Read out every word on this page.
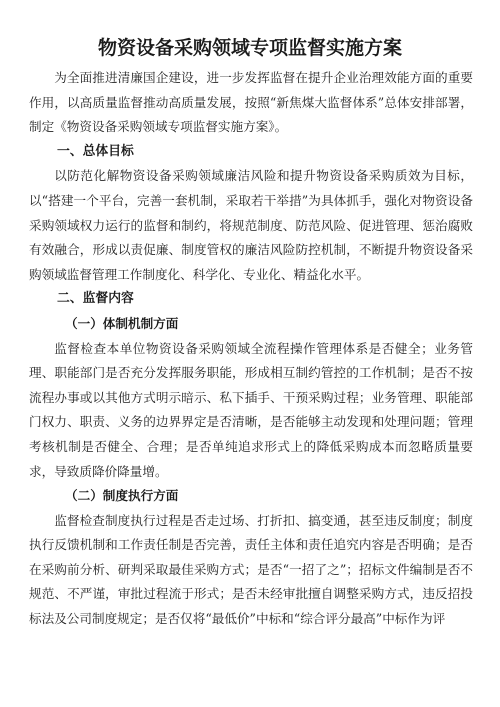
物资设备采购领域专项监督实施方案

为全面推进清廉国企建设，进一步发挥监督在提升企业治理效能方面的重要作用，以高质量监督推动高质量发展，按照“新焦煤大监督体系”总体安排部署，制定《物资设备采购领域专项监督实施方案》。

一、总体目标

以防范化解物资设备采购领域廉洁风险和提升物资设备采购质效为目标，以“搭建一个平台，完善一套机制，采取若干举措”为具体抓手，强化对物资设备采购领域权力运行的监督和制约，将规范制度、防范风险、促进管理、惩治腐败有效融合，形成以责促廉、制度管权的廉洁风险防控机制，不断提升物资设备采购领域监督管理工作制度化、科学化、专业化、精益化水平。

二、监督内容
（一）体制机制方面

监督检查本单位物资设备采购领域全流程操作管理体系是否健全；业务管理、职能部门是否充分发挥服务职能，形成相互制约管控的工作机制；是否不按流程办事或以其他方式明示暗示、私下插手、干预采购过程；业务管理、职能部门权力、职责、义务的边界界定是否清晰，是否能够主动发现和处理问题；管理考核机制是否健全、合理；是否单纯追求形式上的降低采购成本而忽略质量要求，导致质降价降量增。

（二）制度执行方面

监督检查制度执行过程是否走过场、打折扣、搞变通，甚至违反制度；制度执行反馈机制和工作责任制是否完善，责任主体和责任追究内容是否明确；是否在采购前分析、研判采取最佳采购方式；是否“一招了之”；招标文件编制是否不规范、不严谨，审批过程流于形式；是否未经审批擅自调整采购方式，违反招投标法及公司制度规定；是否仅将“最低价”中标和“综合评分最高”中标作为评
